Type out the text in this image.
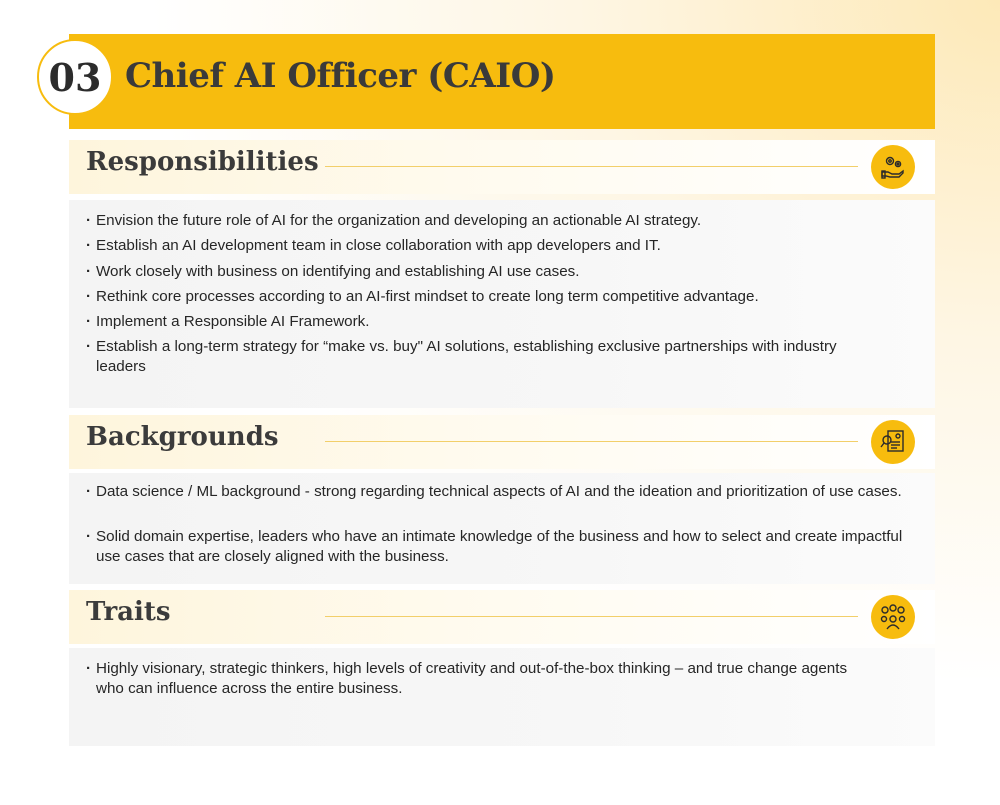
03 Chief AI Officer (CAIO)
Responsibilities
· Envision the future role of AI for the organization and developing an actionable AI strategy.
· Establish an AI development team in close collaboration with app developers and IT.
· Work closely with business on identifying and establishing AI use cases.
· Rethink core processes according to an AI-first mindset to create long term competitive advantage.
· Implement a Responsible AI Framework.
· Establish a long-term strategy for “make vs. buy" AI solutions, establishing exclusive partnerships with industry leaders
Backgrounds
· Data science / ML background - strong regarding technical aspects of AI and the ideation and prioritization of use cases.
· Solid domain expertise, leaders who have an intimate knowledge of the business and how to select and create impactful use cases that are closely aligned with the business.
Traits
· Highly visionary, strategic thinkers, high levels of creativity and out-of-the-box thinking – and true change agents who can influence across the entire business.
